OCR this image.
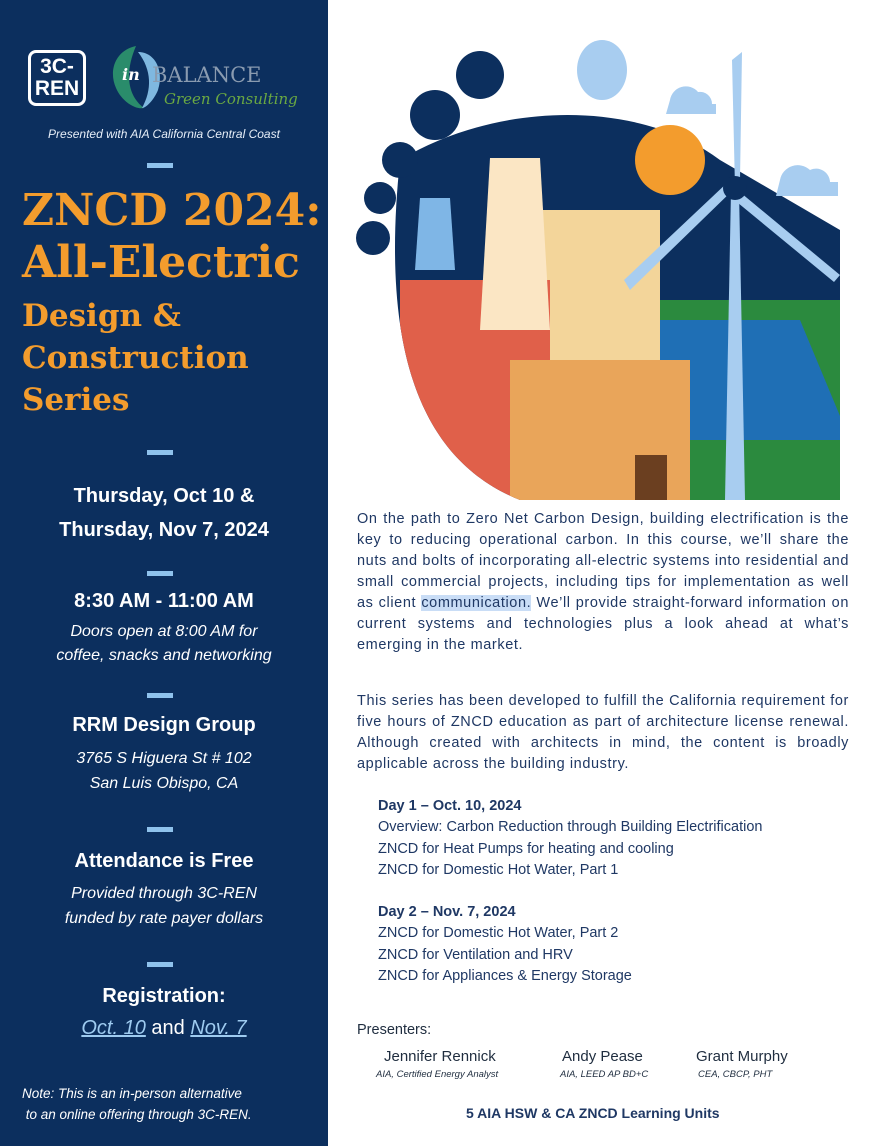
3C-REN
in BALANCE
Green Consulting
Presented with AIA California Central Coast
ZNCD 2024:
All-Electric
Design &
Construction
Series
Thursday, Oct 10 &
Thursday, Nov 7, 2024
8:30 AM - 11:00 AM
Doors open at 8:00 AM for
coffee, snacks and networking
RRM Design Group
3765 S Higuera St # 102
San Luis Obispo, CA
Attendance is Free
Provided through 3C-REN
funded by rate payer dollars
Registration:
Oct. 10 and Nov. 7
Note: This is an in-person alternative
to an online offering through 3C-REN.
On the path to Zero Net Carbon Design, building electrification is the key to reducing operational carbon. In this course, we’ll share the nuts and bolts of incorporating all-electric systems into residential and small commercial projects, including tips for implementation as well as client communication. We’ll provide straight-forward information on current systems and technologies plus a look ahead at what’s emerging in the market.
This series has been developed to fulfill the California requirement for five hours of ZNCD education as part of architecture license renewal. Although created with architects in mind, the content is broadly applicable across the building industry.
Day 1 – Oct. 10, 2024
Overview: Carbon Reduction through Building Electrification
ZNCD for Heat Pumps for heating and cooling
ZNCD for Domestic Hot Water, Part 1
Day 2 – Nov. 7, 2024
ZNCD for Domestic Hot Water, Part 2
ZNCD for Ventilation and HRV
ZNCD for Appliances & Energy Storage
Presenters:
Jennifer Rennick
AIA, Certified Energy Analyst
Andy Pease
AIA, LEED AP BD+C
Grant Murphy
CEA, CBCP, PHT
5 AIA HSW & CA ZNCD Learning Units
